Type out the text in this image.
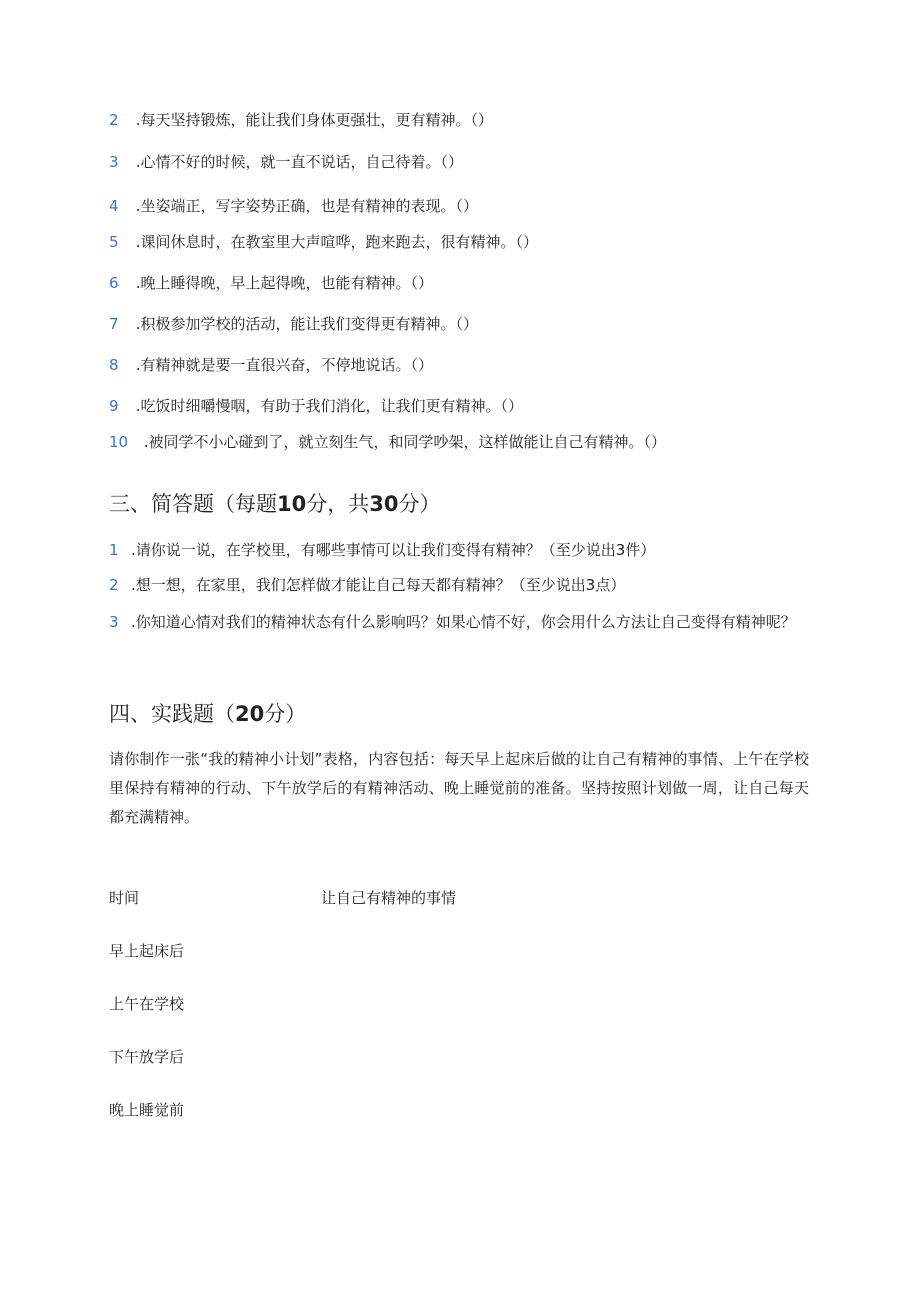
2 .每天坚持锻炼，能让我们身体更强壮，更有精神。（）
3 .心情不好的时候，就一直不说话，自己待着。（）
4 .坐姿端正，写字姿势正确，也是有精神的表现。（）
5 .课间休息时，在教室里大声喧哗，跑来跑去，很有精神。（）
6 .晚上睡得晚，早上起得晚，也能有精神。（）
7 .积极参加学校的活动，能让我们变得更有精神。（）
8 .有精神就是要一直很兴奋，不停地说话。（）
9 .吃饭时细嚼慢咽，有助于我们消化，让我们更有精神。（）
10 .被同学不小心碰到了，就立刻生气，和同学吵架，这样做能让自己有精神。（）
三、简答题（每题10分，共30分）
1 .请你说一说，在学校里，有哪些事情可以让我们变得有精神？（至少说出3件）
2 .想一想，在家里，我们怎样做才能让自己每天都有精神？（至少说出3点）
3 .你知道心情对我们的精神状态有什么影响吗？如果心情不好，你会用什么方法让自己变得有精神呢？
四、实践题（20分）
请你制作一张“我的精神小计划”表格，内容包括：每天早上起床后做的让自己有精神的事情、上午在学校里保持有精神的行动、下午放学后的有精神活动、晚上睡觉前的准备。坚持按照计划做一周，让自己每天都充满精神。
时间	让自己有精神的事情
早上起床后
上午在学校
下午放学后
晚上睡觉前
